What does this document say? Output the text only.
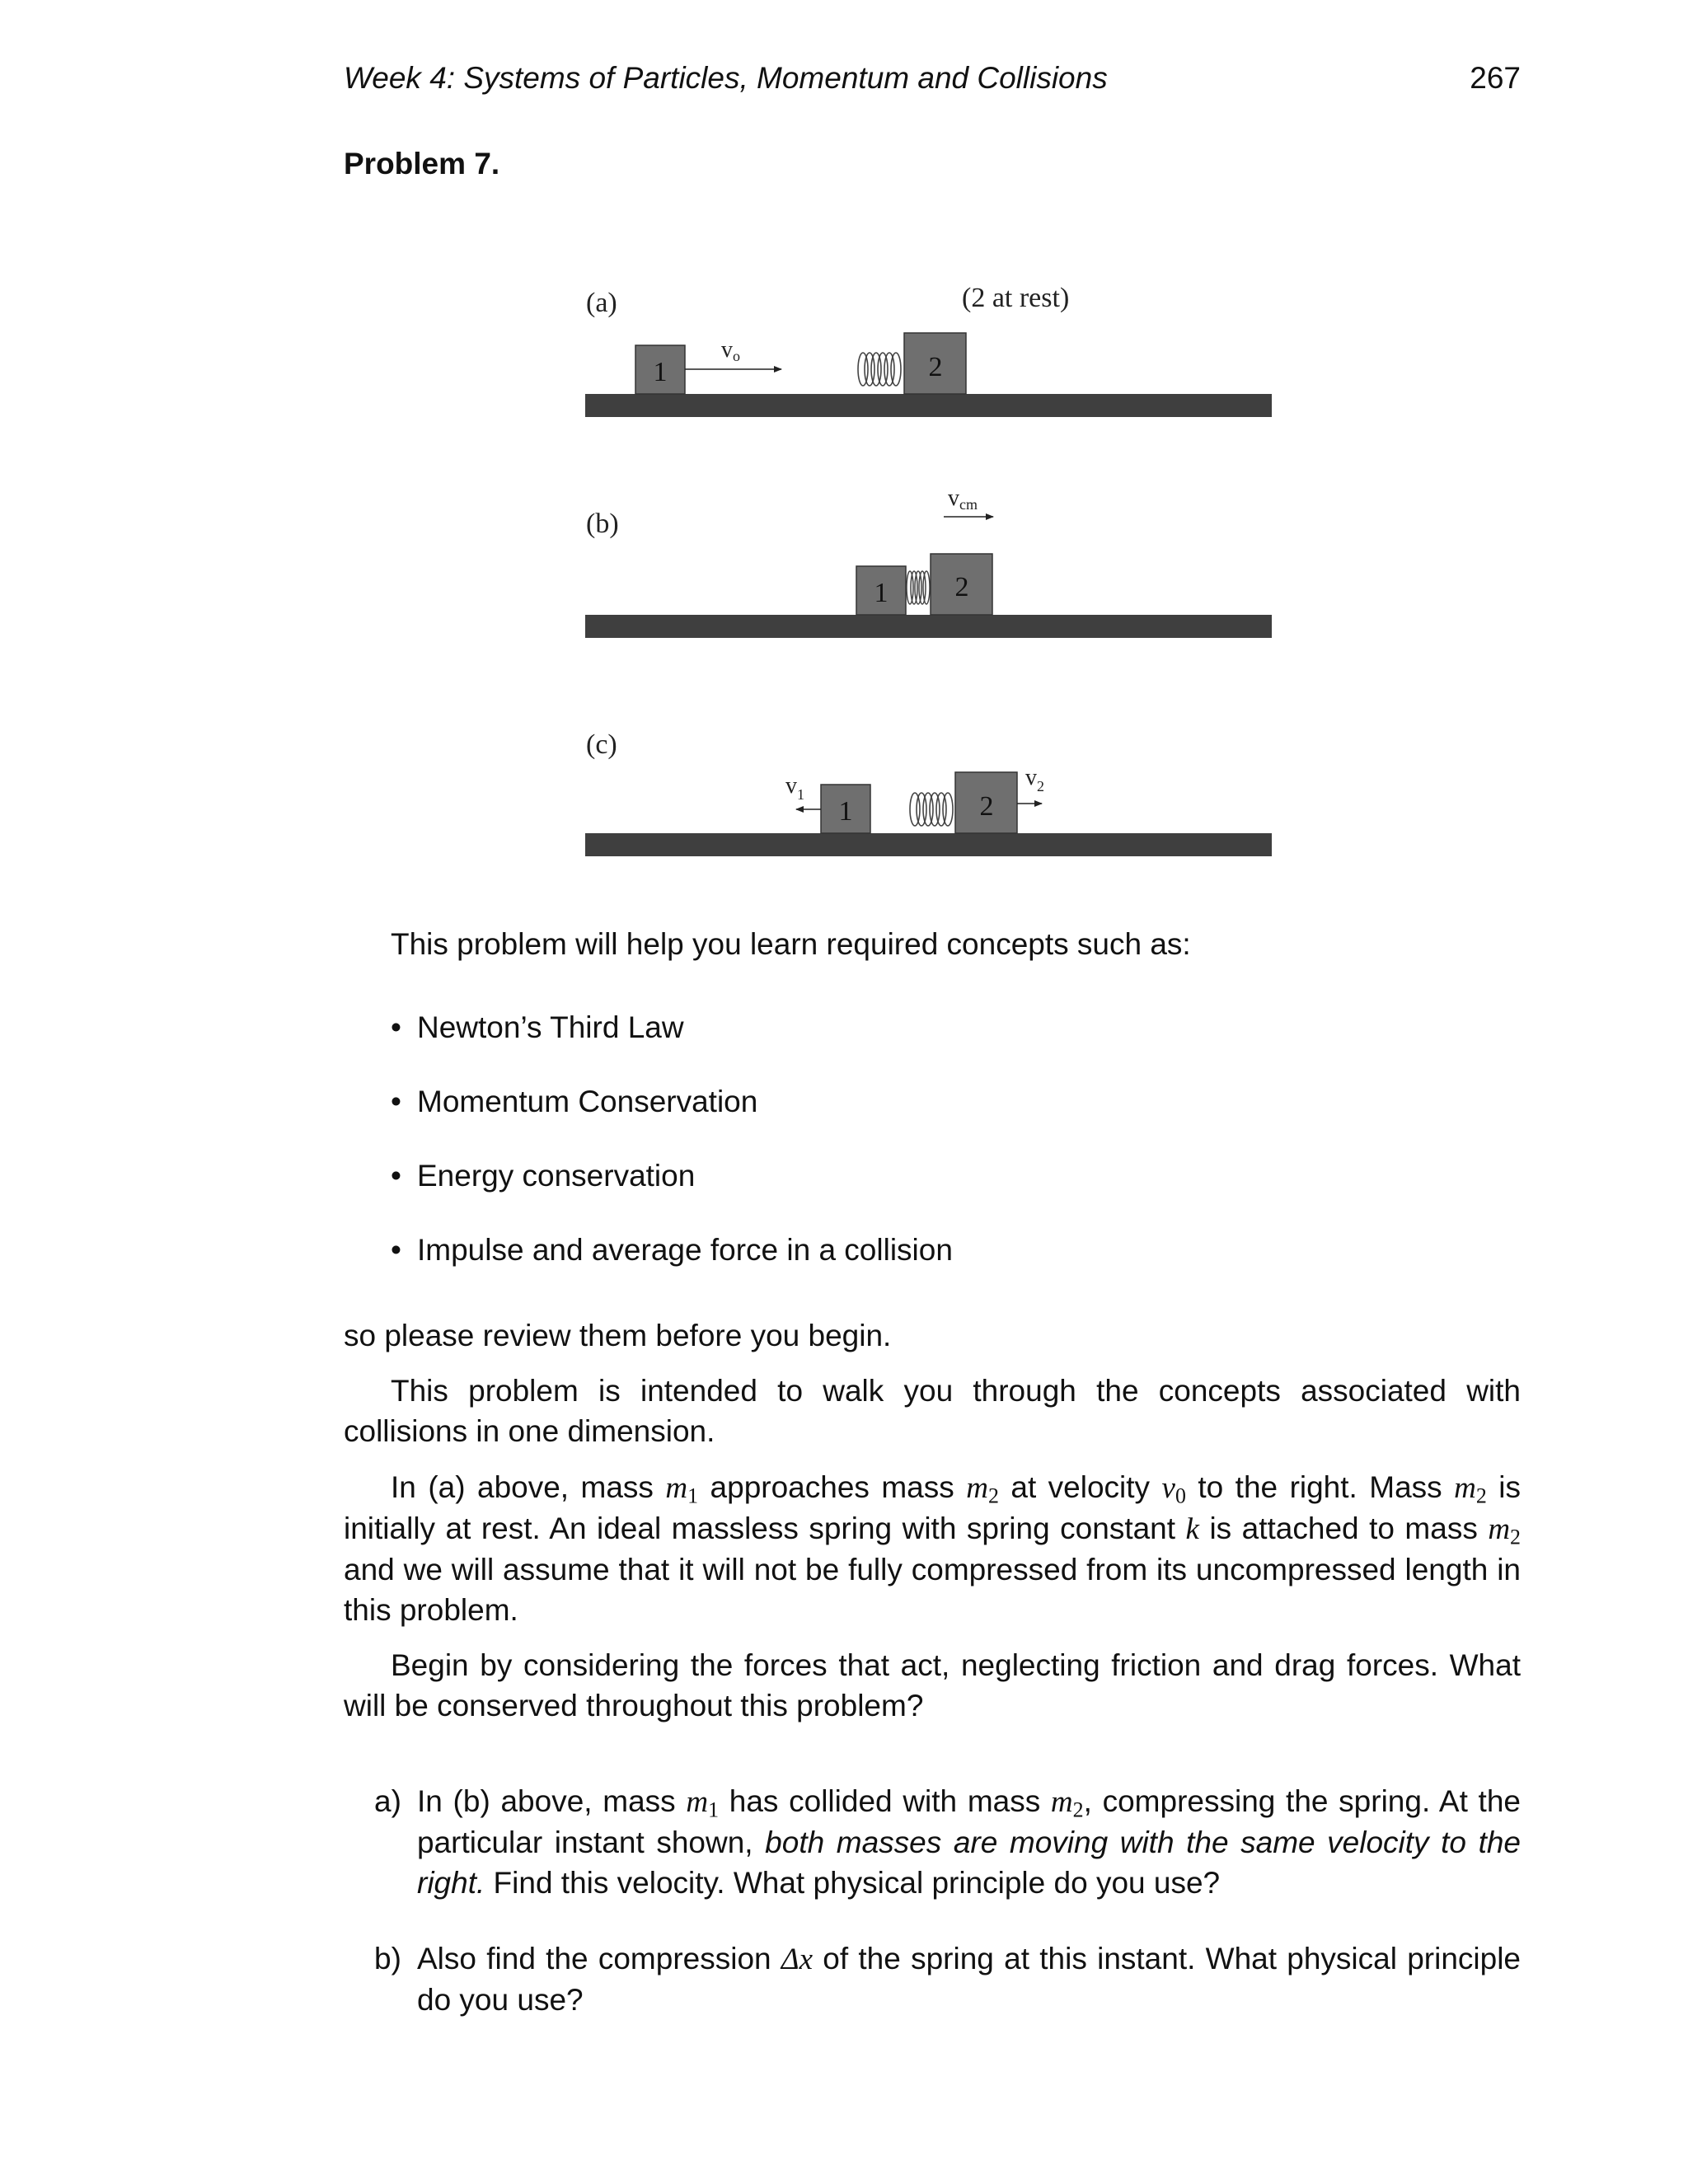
Week 4: Systems of Particles, Momentum and Collisions	267
Problem 7.
(a)	(2 at rest)
1	2
vo
(b)
1 2
vcm
(c)
1	2
$v_1$
$v_2$
This problem will help you learn required concepts such as:
• Newton’s Third Law
• Momentum Conservation
• Energy conservation
• Impulse and average force in a collision
so please review them before you begin.

This problem is intended to walk you through the concepts associated with collisions in one dimension.

In (a) above, mass $m_1$ approaches mass $m_2$ at velocity $v_0$ to the right. Mass $m_2$ is initially at rest. An ideal massless spring with spring constant k is attached to mass $m_2$ and we will assume that it will not be fully compressed from its uncompressed length in this problem.

Begin by considering the forces that act, neglecting friction and drag forces. What will be conserved throughout this problem?

a) In (b) above, mass $m_1$ has collided with mass $m_2$, compressing the spring. At the particular instant shown, both masses are moving with the same velocity to the right. Find this velocity. What physical principle do you use?
b) Also find the compression Δx of the spring at this instant. What physical principle do you use?
